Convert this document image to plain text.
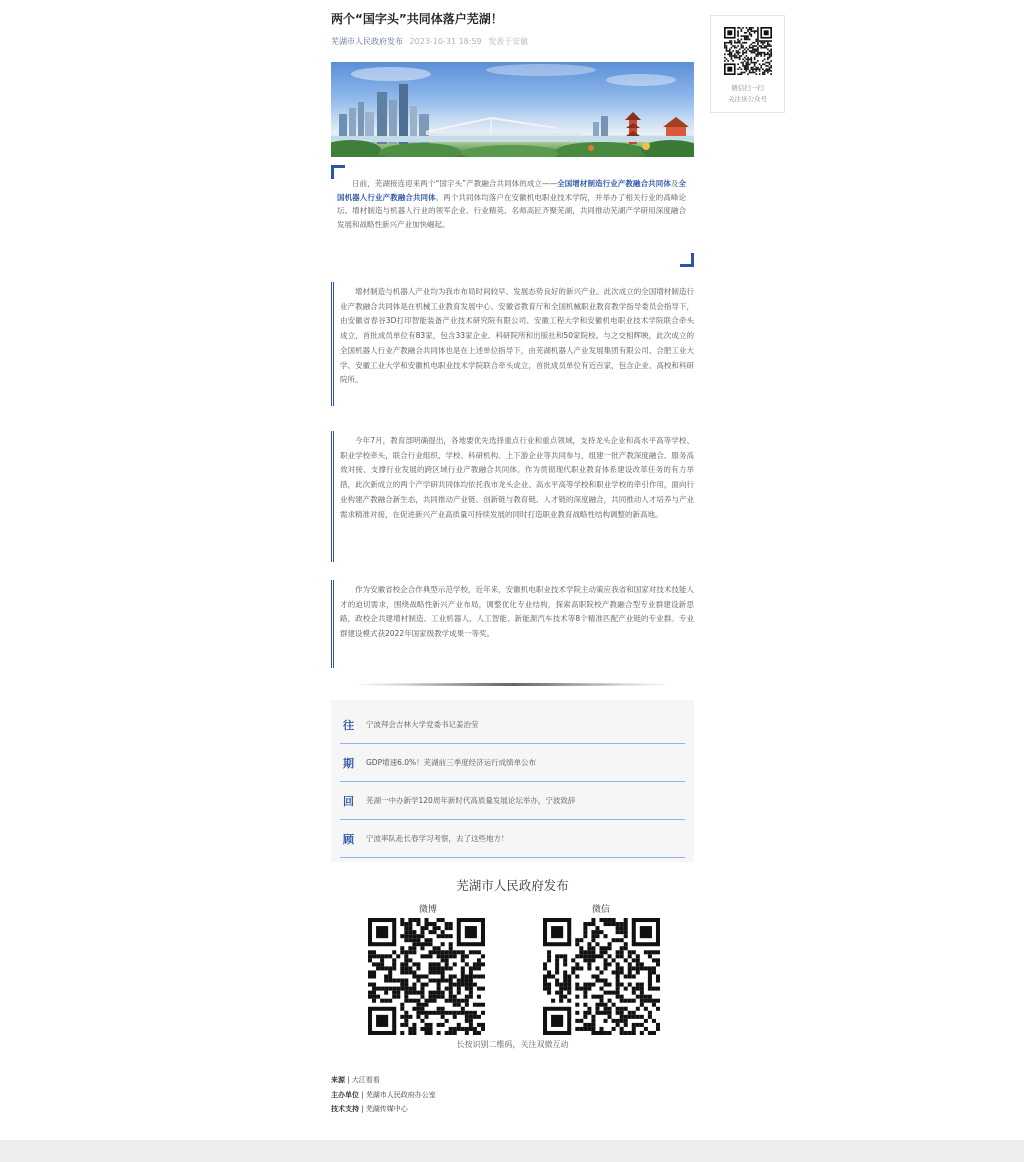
两个“国字头”共同体落户芜湖！
芜湖市人民政府发布 2023-10-31 18:59 发表于安徽

日前，芜湖接连迎来两个“国字头”产教融合共同体的成立——全国增材制造行业产教融合共同体及全国机器人行业产教融合共同体。两个共同体均落户在安徽机电职业技术学院，并举办了相关行业的高峰论坛。增材制造与机器人行业的领军企业、行业精英、名师高匠齐聚芜湖，共同推动芜湖产学研用深度融合发展和战略性新兴产业加快崛起。

增材制造与机器人产业均为我市布局时间较早、发展态势良好的新兴产业。此次成立的全国增材制造行业产教融合共同体是在机械工业教育发展中心、安徽省教育厅和全国机械职业教育教学指导委员会指导下，由安徽省春谷3D打印智能装备产业技术研究院有限公司、安徽工程大学和安徽机电职业技术学院联合牵头成立，首批成员单位有83家，包含33家企业、科研院所和出版社和50家院校。与之交相辉映，此次成立的全国机器人行业产教融合共同体也是在上述单位指导下，由芜湖机器人产业发展集团有限公司、合肥工业大学、安徽工业大学和安徽机电职业技术学院联合牵头成立，首批成员单位有近百家，包含企业、高校和科研院所。

今年7月，教育部明确提出，各地要优先选择重点行业和重点领域，支持龙头企业和高水平高等学校、职业学校牵头，联合行业组织、学校、科研机构、上下游企业等共同参与，组建一批产教深度融合、服务高效对接、支撑行业发展的跨区域行业产教融合共同体。作为贯彻现代职业教育体系建设改革任务的有力举措，此次新成立的两个产学研共同体均依托我市龙头企业、高水平高等学校和职业学校的牵引作用，面向行业构建产教融合新生态，共同推动产业链、创新链与教育链、人才链的深度融合，共同推动人才培养与产业需求精准对接，在促进新兴产业高质量可持续发展的同时打造职业教育战略性结构调整的新高地。

作为安徽省校企合作典型示范学校，近年来，安徽机电职业技术学院主动策应我省和国家对技术技能人才的迫切需求，围绕战略性新兴产业布局，调整优化专业结构，探索高职院校产教融合型专业群建设新思路，政校企共建增材制造、工业机器人、人工智能、新能源汽车技术等8个精准匹配产业链的专业群。专业群建设模式获2022年国家级教学成果一等奖。

往	宁波拜会吉林大学党委书记姜治莹
期	GDP增速6.0%！芜湖前三季度经济运行成绩单公布
回	芜湖一中办新学120周年新时代高质量发展论坛举办，宁波致辞
顾	宁波率队赴长春学习考察，去了这些地方！
芜湖市人民政府发布
微博	微信
长按识别二维码，关注双微互动
来源 | 大江看看
主办单位 | 芜湖市人民政府办公室
技术支持 | 芜湖传媒中心
微信扫一扫
关注该公众号
